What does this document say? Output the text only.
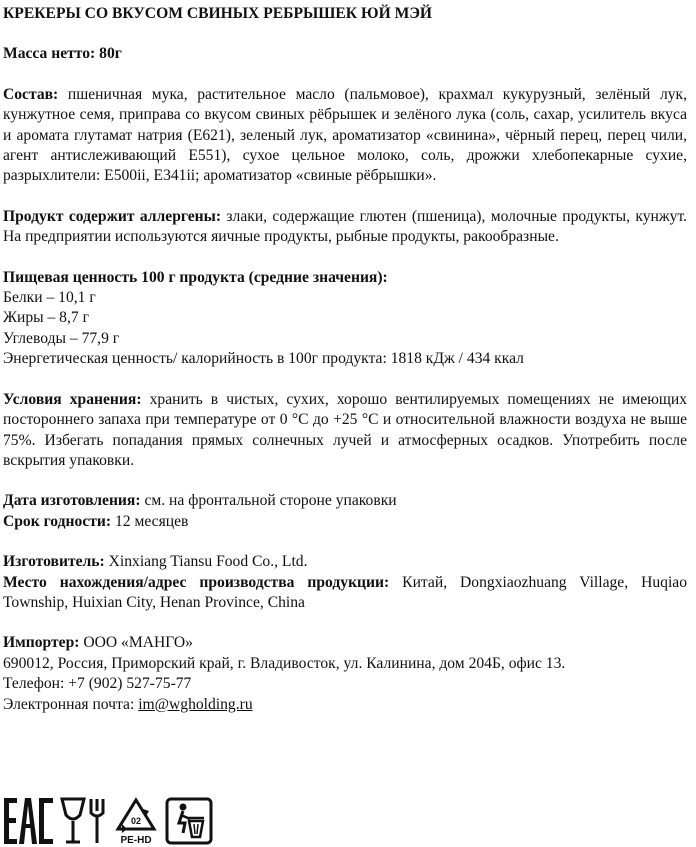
КРЕКЕРЫ СО ВКУСОМ СВИНЫХ РЕБРЫШЕК ЮЙ МЭЙ
Масса нетто: 80г
Состав: пшеничная мука, растительное масло (пальмовое), крахмал кукурузный, зелёный лук, кунжутное семя, приправа со вкусом свиных рёбрышек и зелёного лука (соль, сахар, усилитель вкуса и аромата глутамат натрия (E621), зеленый лук, ароматизатор «свинина», чёрный перец, перец чили, агент антислеживающий E551), сухое цельное молоко, соль, дрожжи хлебопекарные сухие, разрыхлители: E500ii, E341ii; ароматизатор «свиные рёбрышки».
Продукт содержит аллергены: злаки, содержащие глютен (пшеница), молочные продукты, кунжут. На предприятии используются яичные продукты, рыбные продукты, ракообразные.
Пищевая ценность 100 г продукта (средние значения):
Белки – 10,1 г
Жиры – 8,7 г
Углеводы – 77,9 г
Энергетическая ценность/ калорийность в 100г продукта: 1818 кДж / 434 ккал
Условия хранения: хранить в чистых, сухих, хорошо вентилируемых помещениях не имеющих постороннего запаха при температуре от 0 °C до +25 °C и относительной влажности воздуха не выше 75%. Избегать попадания прямых солнечных лучей и атмосферных осадков. Употребить после вскрытия упаковки.
Дата изготовления: см. на фронтальной стороне упаковки
Срок годности: 12 месяцев
Изготовитель: Xinxiang Tiansu Food Co., Ltd.
Место нахождения/адрес производства продукции: Китай, Dongxiaozhuang Village, Huqiao Township, Huixian City, Henan Province, China
Импортер: ООО «МАНГО»
690012, Россия, Приморский край, г. Владивосток, ул. Калинина, дом 204Б, офис 13.
Телефон: +7 (902) 527-75-77
Электронная почта: im@wgholding.ru
02
PE-HD
